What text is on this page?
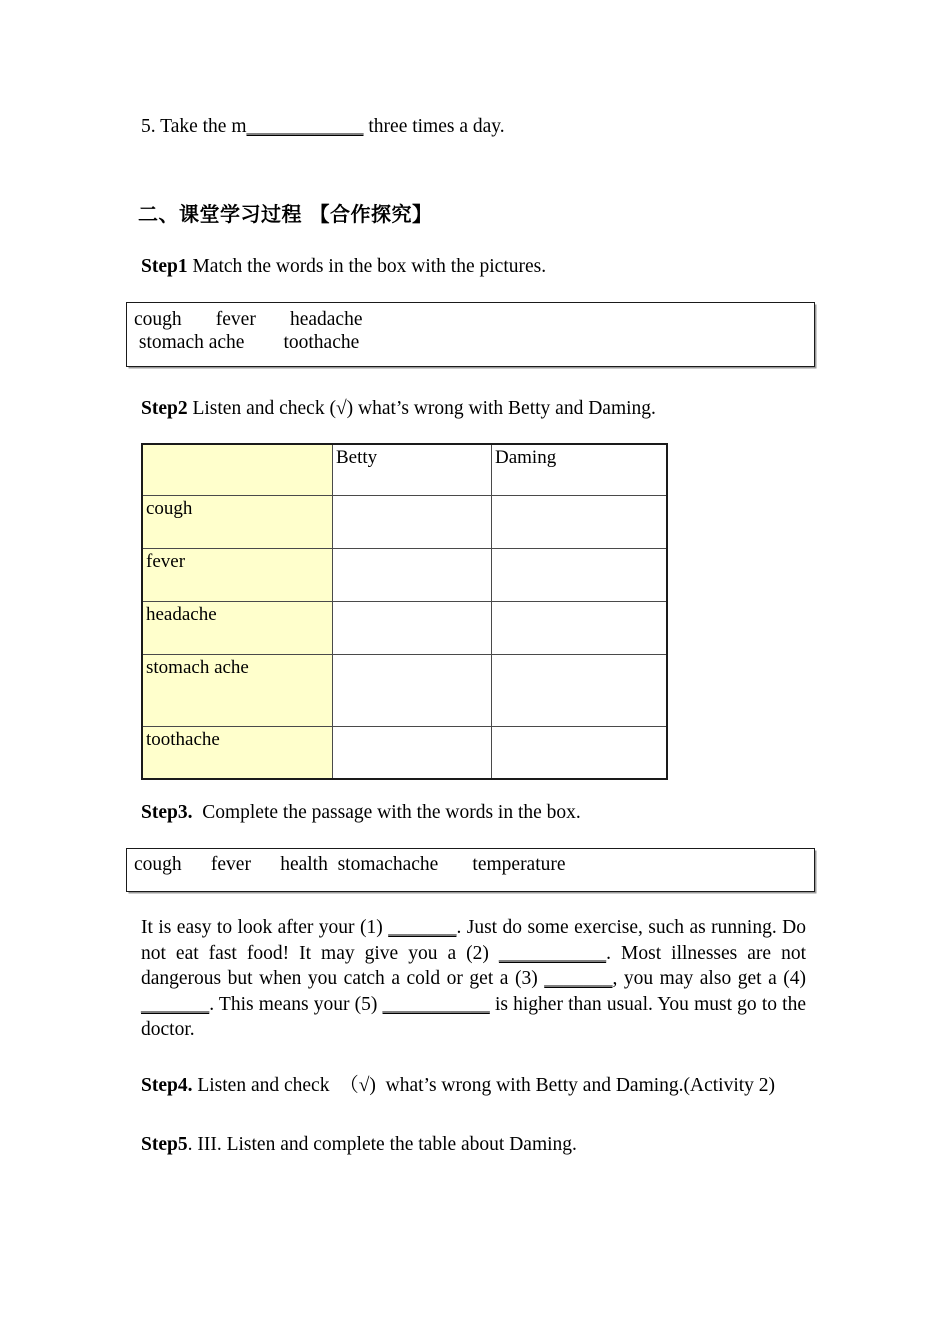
5. Take the m____________ three times a day.
二、课堂学习过程 【合作探究】
Step1 Match the words in the box with the pictures.
cough       fever       headache
stomach ache        toothache
Step2 Listen and check (√) what’s wrong with Betty and Daming.
	Betty	Daming
cough		
fever		
headache		
stomach ache		
toothache		
Step3.  Complete the passage with the words in the box.
cough      fever      health  stomachache       temperature
It is easy to look after your (1) _______. Just do some exercise, such as running. Do not eat fast food! It may give you a (2) ___________. Most illnesses are not dangerous but when you catch a cold or get a (3) _______, you may also get a (4) _______. This means your (5) ___________ is higher than usual. You must go to the doctor.
Step4. Listen and check  （√)  what’s wrong with Betty and Daming.(Activity 2)
Step5. III. Listen and complete the table about Daming.
